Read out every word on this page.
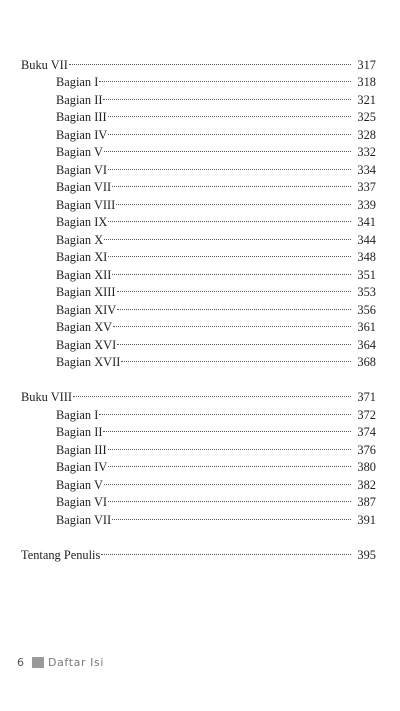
Buku VII	317
Bagian I	318
Bagian II	321
Bagian III	325
Bagian IV	328
Bagian V	332
Bagian VI	334
Bagian VII	337
Bagian VIII	339
Bagian IX	341
Bagian X	344
Bagian XI	348
Bagian XII	351
Bagian XIII	353
Bagian XIV	356
Bagian XV	361
Bagian XVI	364
Bagian XVII	368
Buku VIII	371
Bagian I	372
Bagian II	374
Bagian III	376
Bagian IV	380
Bagian V	382
Bagian VI	387
Bagian VII	391
Tentang Penulis	395
6 Daftar Isi
